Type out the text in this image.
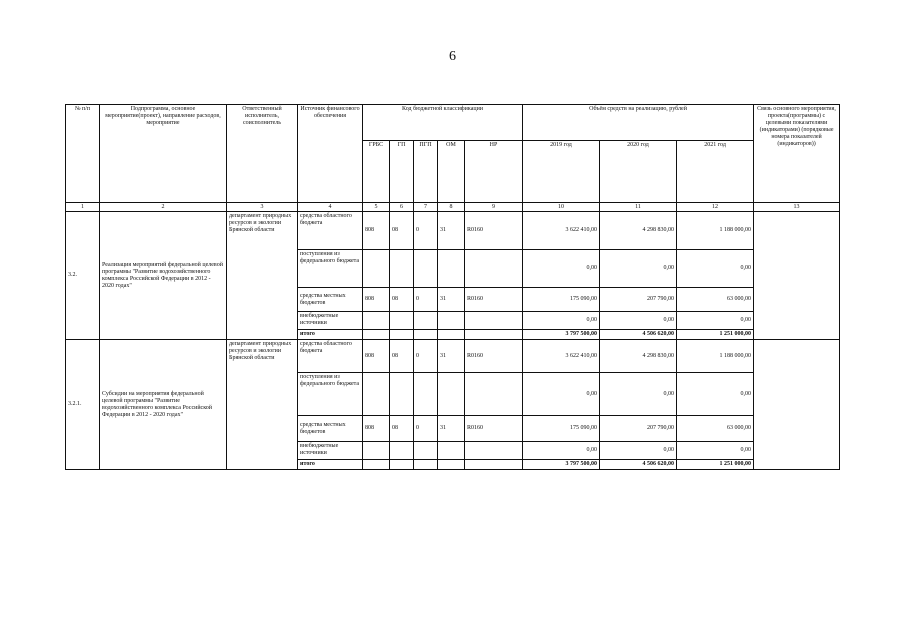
6
№ п/п	Подпрограмма, основное мероприятие(проект), направление расходов, мероприятие	Ответственный исполнитель, соисполнитель	Источник финансового обеспечения	Код бюджетной классификации					Объём средств на реализацию, рублей			Связь основного мероприятия, проекта(программы) с целевыми показателями (индикаторами) (порядковые номера показателей (индикаторов))
				ГРБС	ГП	ПГП	ОМ	НР	2019 год	2020 год	2021 год	
1	2	3	4	5	6	7	8	9	10	11	12	13
3.2.	Реализация мероприятий федеральной целевой программы "Развитие водохозяйственного комплекса Российской Федерации в 2012 - 2020 годах"	департамент природных ресурсов и экологии Брянской области	средства областного бюджета	808	08	0	31	R0160	3 622 410,00	4 298 830,00	1 188 000,00	
			поступления из федерального бюджета						0,00	0,00	0,00	
			средства местных бюджетов	808	08	0	31	R0160	175 090,00	207 790,00	63 000,00	
			внебюджетные источники						0,00	0,00	0,00	
			итого						3 797 500,00	4 506 620,00	1 251 000,00	
3.2.1.	Субсидии на мероприятия федеральной целевой программы "Развитие водохозяйственного комплекса Российской Федерации в 2012 - 2020 годах"	департамент природных ресурсов и экологии Брянской области	средства областного бюджета	808	08	0	31	R0160	3 622 410,00	4 298 830,00	1 188 000,00	
			поступления из федерального бюджета						0,00	0,00	0,00	
			средства местных бюджетов	808	08	0	31	R0160	175 090,00	207 790,00	63 000,00	
			внебюджетные источники						0,00	0,00	0,00	
			итого						3 797 500,00	4 506 620,00	1 251 000,00	
